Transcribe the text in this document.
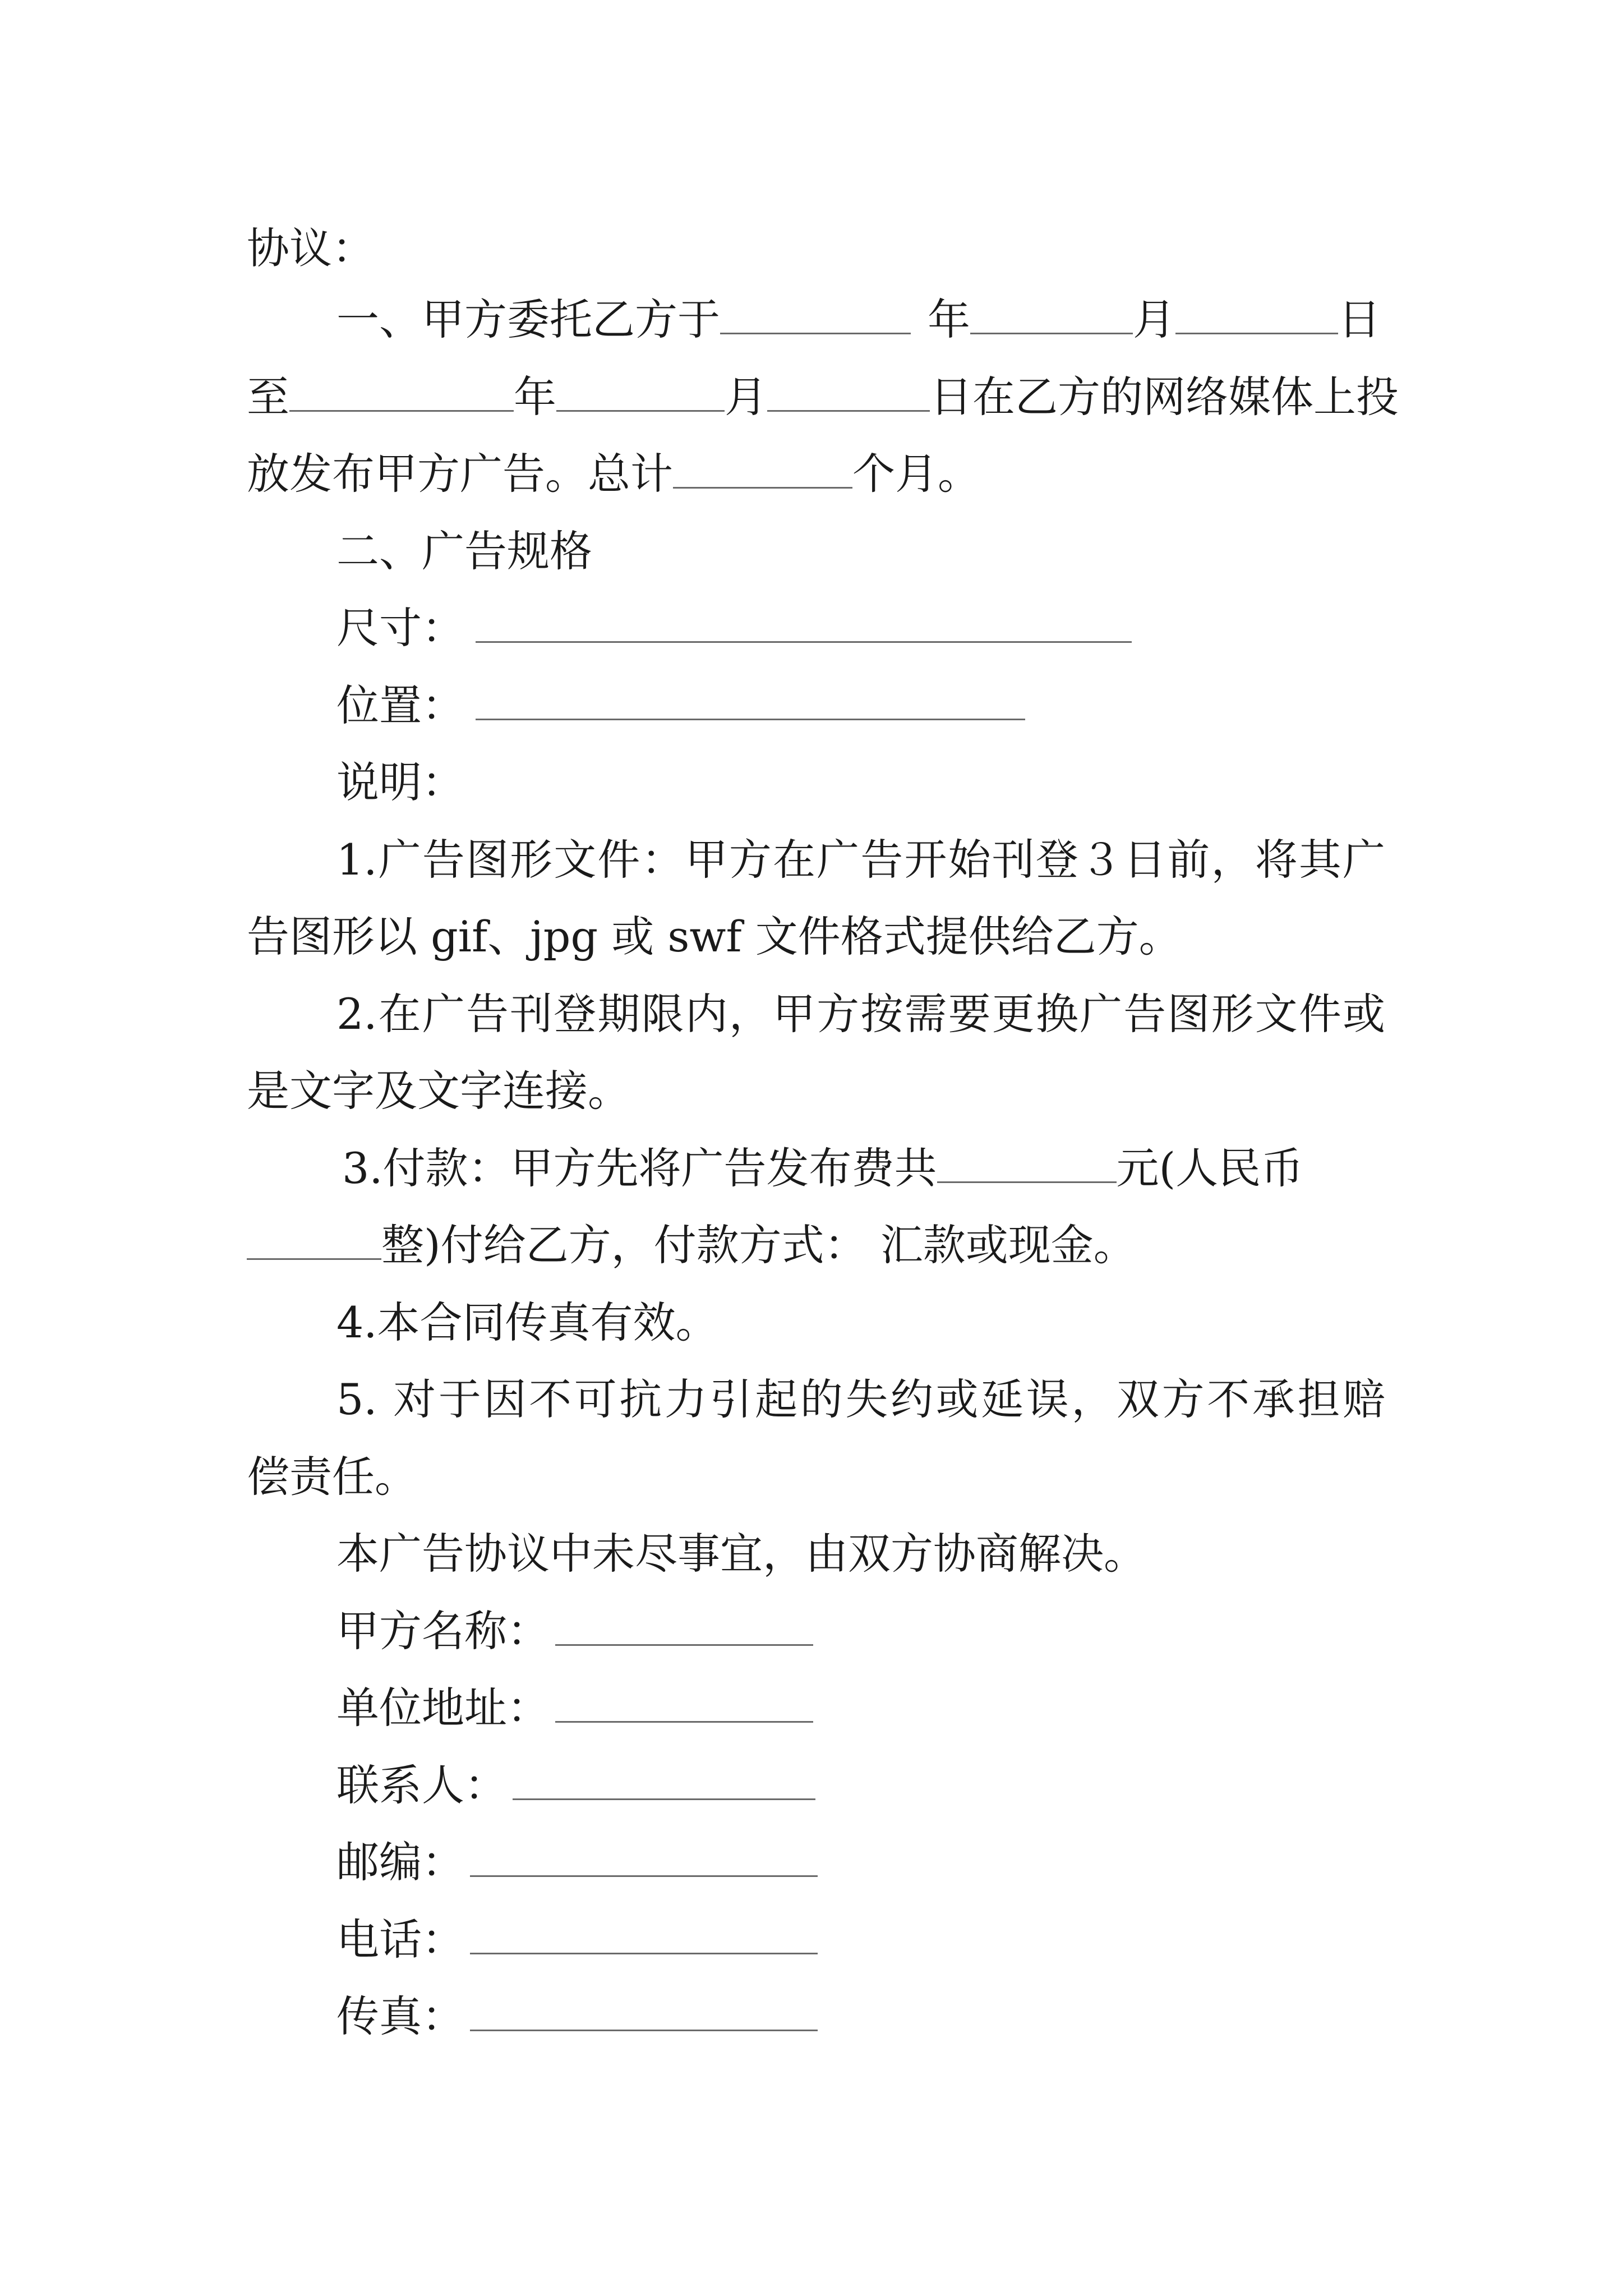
协议：
一、甲方委托乙方于	年	月	日
至	年	月	日在乙方的网络媒体上投
放发布甲方广告。总计	个月。
二、广告规格
尺寸：
位置：
说明：
1.广告图形文件：甲方在广告开始刊登３日前，将其广
告图形以 gif、jpg 或 swf 文件格式提供给乙方。
2.在广告刊登期限内，甲方按需要更换广告图形文件或
是文字及文字连接。
3.付款：甲方先将广告发布费共	元(人民币
整)付给乙方，付款方式： 汇款或现金。
4.本合同传真有效。
5. 对于因不可抗力引起的失约或延误，双方不承担赔
偿责任。
本广告协议中未尽事宜，由双方协商解决。
甲方名称：
单位地址：
联系人：
邮编：
电话：
传真：
